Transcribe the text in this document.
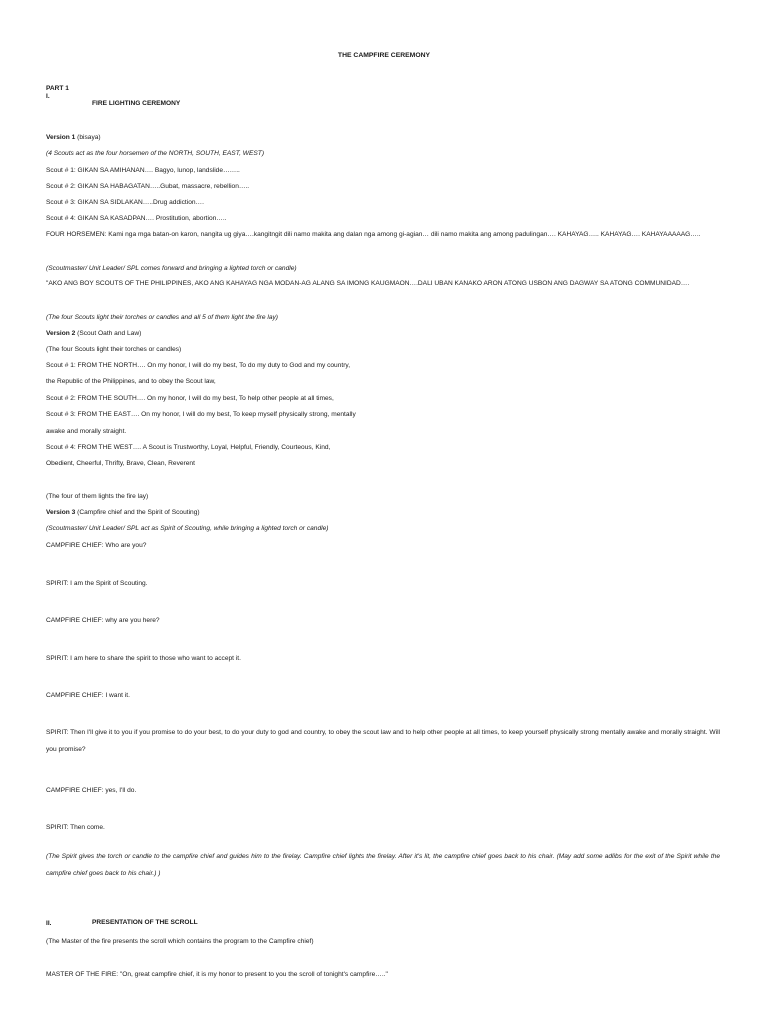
THE CAMPFIRE CEREMONY
PART 1
I.
FIRE LIGHTING CEREMONY
Version 1 (bisaya)
(4 Scouts act as the four horsemen of the NORTH, SOUTH, EAST, WEST)
Scout # 1: GIKAN SA AMIHANAN…. Bagyo, lunop, landslide……..
Scout # 2: GIKAN SA HABAGATAN…..Gubat, massacre, rebellion…..
Scout # 3: GIKAN SA SIDLAKAN…..Drug addiction….
Scout # 4: GIKAN SA KASADPAN…. Prostitution, abortion…..
FOUR HORSEMEN: Kami nga mga batan-on karon, nangita ug giya….kangitngit dili namo makita ang dalan nga among gi-agian… dili namo makita ang among padulingan…. KAHAYAG….. KAHAYAG…. KAHAYAAAAAG…..
(Scoutmaster/ Unit Leader/ SPL comes forward and bringing a lighted torch or candle)
"AKO ANG BOY SCOUTS OF THE PHILIPPINES, AKO ANG KAHAYAG NGA MODAN-AG ALANG SA IMONG KAUGMAON….DALI UBAN KANAKO ARON ATONG USBON ANG DAGWAY SA ATONG COMMUNIDAD….
(The four Scouts light their torches or candles and all 5 of them light the fire lay)
Version 2 (Scout Oath and Law)
(The four Scouts light their torches or candles)
Scout # 1: FROM THE NORTH…. On my honor, I will do my best, To do my duty to God and my country,
the Republic of the Philippines, and to obey the Scout law,
Scout # 2: FROM THE SOUTH…. On my honor, I will do my best, To help other people at all times,
Scout # 3: FROM THE EAST…. On my honor, I will do my best, To keep myself physically strong, mentally
awake and morally straight.
Scout # 4: FROM THE WEST…. A Scout is Trustworthy, Loyal, Helpful, Friendly, Courteous, Kind,
Obedient, Cheerful, Thrifty, Brave, Clean, Reverent
(The four of them lights the fire lay)
Version 3 (Campfire chief and the Spirit of Scouting)
(Scoutmaster/ Unit Leader/ SPL act as Spirit of Scouting, while bringing a lighted torch or candle)
CAMPFIRE CHIEF: Who are you?
SPIRIT: I am the Spirit of Scouting.
CAMPFIRE CHIEF: why are you here?
SPIRIT: I am here to share the spirit to those who want to accept it.
CAMPFIRE CHIEF: I want it.
SPIRIT: Then I'll give it to you if you promise to do your best, to do your duty to god and country, to obey the scout law and to help other people at all times, to keep yourself physically strong mentally awake and morally straight. Will you promise?
CAMPFIRE CHIEF: yes, I'll do.
SPIRIT: Then come.
(The Spirit gives the torch or candle to the campfire chief and guides him to the firelay. Campfire chief lights the firelay. After it's lit, the campfire chief goes back to his chair. (May add some adlibs for the exit of the Spirit while the campfire chief goes back to his chair.) )
II.	PRESENTATION OF THE SCROLL
(The Master of the fire presents the scroll which contains the program to the Campfire chief)
MASTER OF THE FIRE: "On, great campfire chief, it is my honor to present to you the scroll of tonight's campfire….."
